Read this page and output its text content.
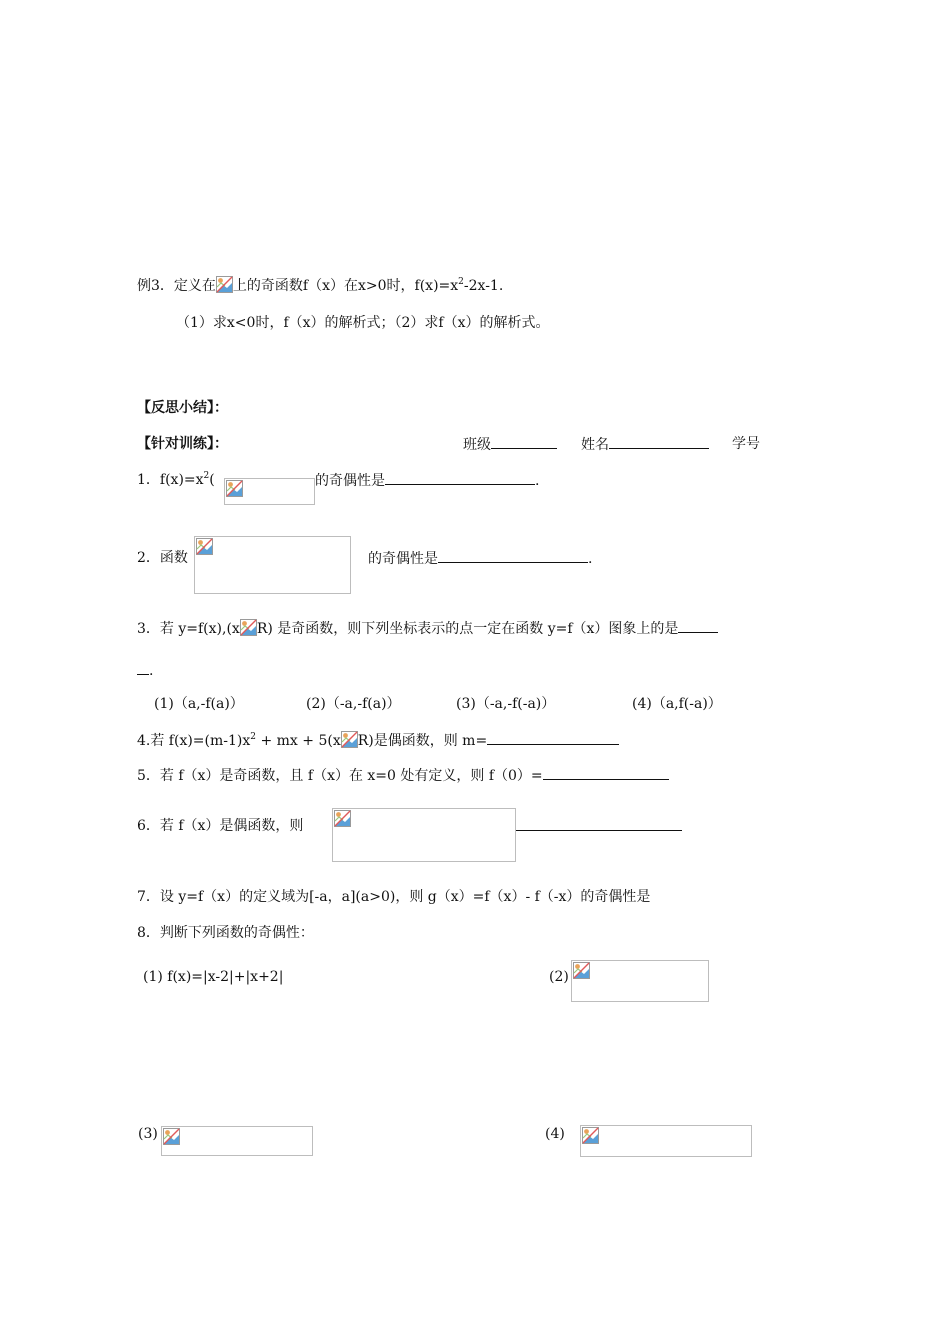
例3．定义在 上的奇函数f（x）在x>0时，$f(x)=x^2-2x-1$.
（1）求x<0时，f（x）的解析式；（2）求f（x）的解析式。
【反思小结】：
【针对训练】：	班级	姓名	学号
1．$f(x)=x^2$(	的奇偶性是	.
2．函数	的奇偶性是	.
3．若 y=f(x),(x R) 是奇函数，则下列坐标表示的点一定在函数 y=f（x）图象上的是
.
(1)（a,-f(a)）	(2)（-a,-f(a)）	(3)（-a,-f(-a)）	(4)（a,f(-a)）
4.若 $f(x)=(m-1)x^2$ + mx + 5(x R)是偶函数，则 m=
5．若 f（x）是奇函数，且 f（x）在 x=0 处有定义，则 f（0）=
6．若 f（x）是偶函数，则
7．设 y=f（x）的定义域为[-a，a](a>0)，则 g（x）=f（x）- f（-x）的奇偶性是
8．判断下列函数的奇偶性：
(1) f(x)=|x-2|+|x+2|	(2)
(3)	(4)
